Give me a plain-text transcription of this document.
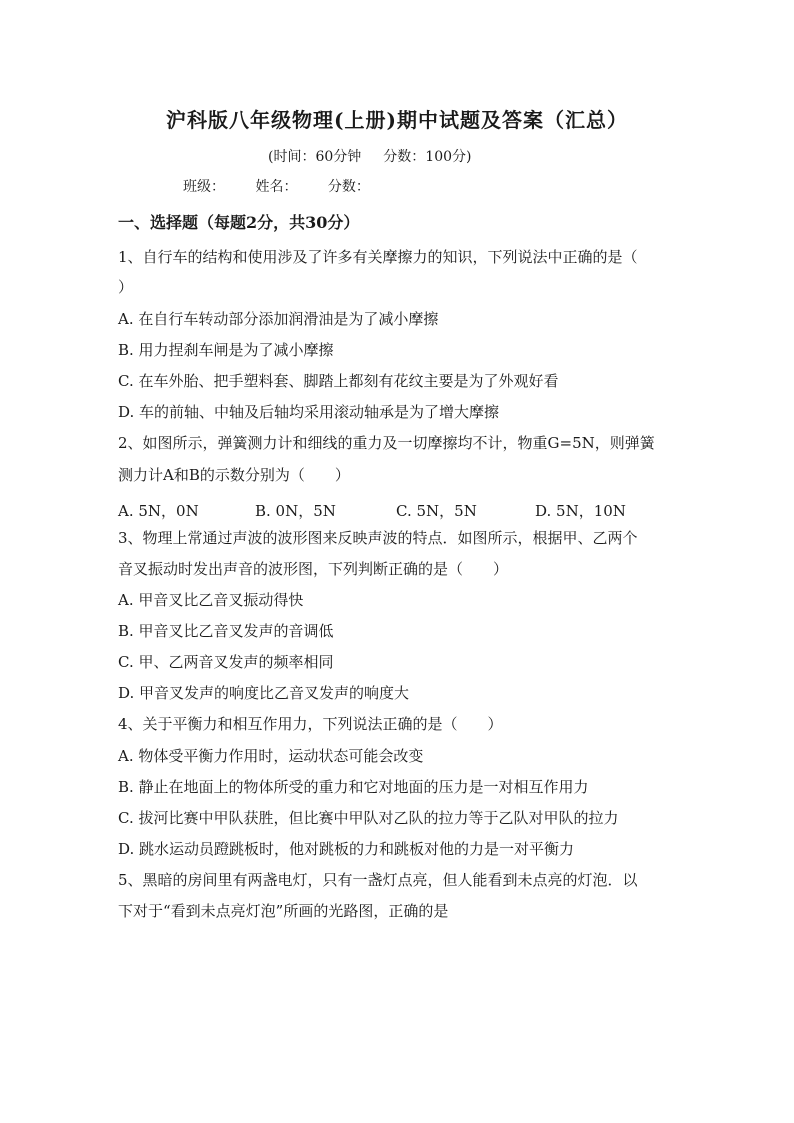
沪科版八年级物理(上册)期中试题及答案（汇总）
(时间：60分钟 分数：100分)
班级： 姓名： 分数：
一、选择题（每题2分，共30分）
1、自行车的结构和使用涉及了许多有关摩擦力的知识，下列说法中正确的是（
）
A. 在自行车转动部分添加润滑油是为了减小摩擦
B. 用力捏刹车闸是为了减小摩擦
C. 在车外胎、把手塑料套、脚踏上都刻有花纹主要是为了外观好看
D. 车的前轴、中轴及后轴均采用滚动轴承是为了增大摩擦
2、如图所示，弹簧测力计和细线的重力及一切摩擦均不计，物重G=5N，则弹簧
测力计A和B的示数分别为（　　）
A. 5N，0N	B. 0N，5N	C. 5N，5N	D. 5N，10N
3、物理上常通过声波的波形图来反映声波的特点．如图所示，根据甲、乙两个
音叉振动时发出声音的波形图，下列判断正确的是（　　）
A. 甲音叉比乙音叉振动得快
B. 甲音叉比乙音叉发声的音调低
C. 甲、乙两音叉发声的频率相同
D. 甲音叉发声的响度比乙音叉发声的响度大
4、关于平衡力和相互作用力，下列说法正确的是（　　）
A. 物体受平衡力作用时，运动状态可能会改变
B. 静止在地面上的物体所受的重力和它对地面的压力是一对相互作用力
C. 拔河比赛中甲队获胜，但比赛中甲队对乙队的拉力等于乙队对甲队的拉力
D. 跳水运动员蹬跳板时，他对跳板的力和跳板对他的力是一对平衡力
5、黑暗的房间里有两盏电灯，只有一盏灯点亮，但人能看到未点亮的灯泡．以
下对于“看到未点亮灯泡”所画的光路图，正确的是
